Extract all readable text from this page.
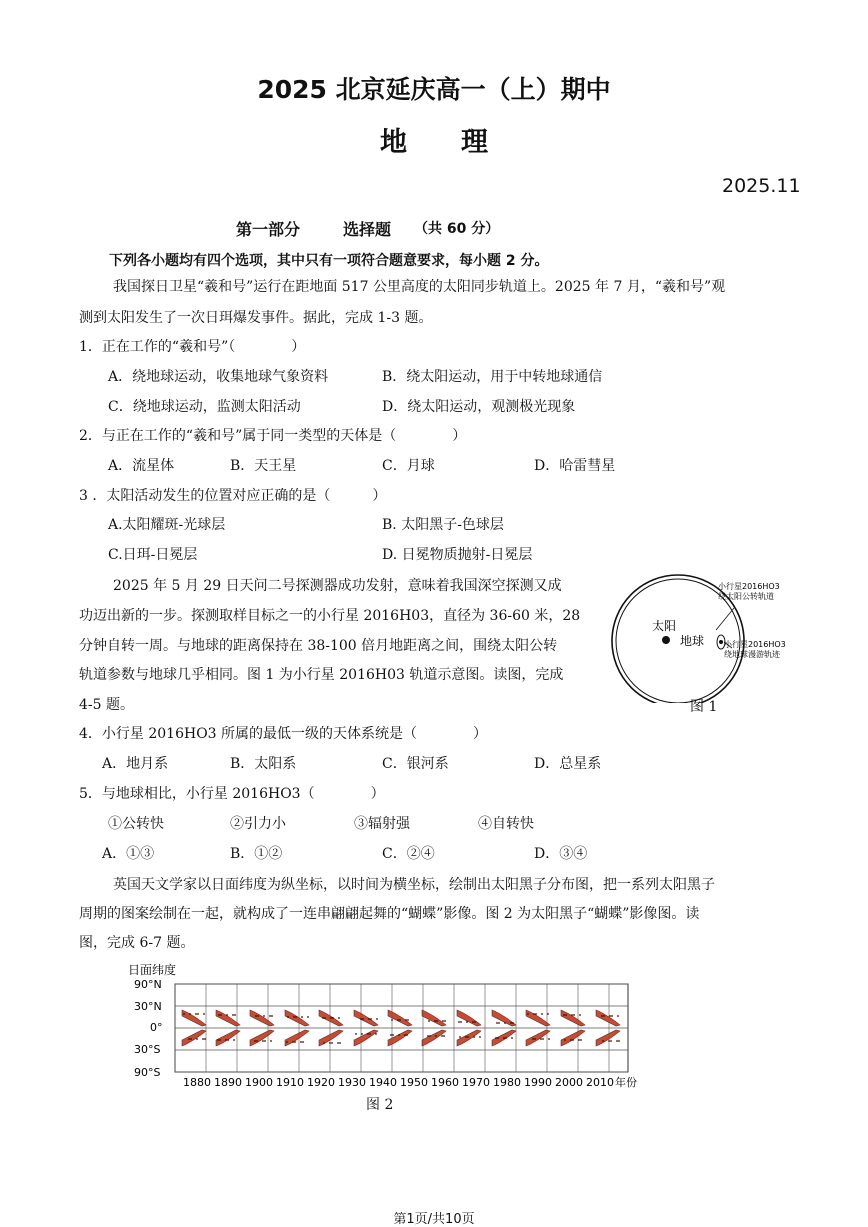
2025 北京延庆高一（上）期中
地　　理
2025.11
第一部分	选择题 （共 60 分）
下列各小题均有四个选项，其中只有一项符合题意要求，每小题 2 分。
我国探日卫星“羲和号”运行在距地面 517 公里高度的太阳同步轨道上。2025 年 7 月，“羲和号”观
测到太阳发生了一次日珥爆发事件。据此，完成 1-3 题。
1．正在工作的“羲和号”（　　　　）
A．绕地球运动，收集地球气象资料	B．绕太阳运动，用于中转地球通信
C．绕地球运动，监测太阳活动	D．绕太阳运动，观测极光现象
2．与正在工作的“羲和号”属于同一类型的天体是（　　　　）
A．流星体	B．天王星	C．月球	D．哈雷彗星
3 ．太阳活动发生的位置对应正确的是（　　　）
A.太阳耀斑-光球层	B. 太阳黑子-色球层
C.日珥-日冕层	D. 日冕物质抛射-日冕层
2025 年 5 月 29 日天问二号探测器成功发射，意味着我国深空探测又成
功迈出新的一步。探测取样目标之一的小行星 2016H03，直径为 36-60 米，28
分钟自转一周。与地球的距离保持在 38-100 倍月地距离之间，围绕太阳公转
轨道参数与地球几乎相同。图 1 为小行星 2016H03 轨道示意图。读图，完成
4-5 题。
太阳
地球
小行星2016HO3
绕太阳公转轨道
小行星2016HO3
绕地球漫游轨迹
图 1
4．小行星 2016HO3 所属的最低一级的天体系统是（　　　　）
A．地月系	B．太阳系	C．银河系	D．总星系
5．与地球相比，小行星 2016HO3（　　　　）
①公转快	②引力小	③辐射强	④自转快
A．①③	B．①②	C．②④	D．③④
英国天文学家以日面纬度为纵坐标，以时间为横坐标，绘制出太阳黑子分布图，把一系列太阳黑子
周期的图案绘制在一起，就构成了一连串翩翩起舞的“蝴蝶”影像。图 2 为太阳黑子“蝴蝶”影像图。读
图，完成 6-7 题。
日面纬度
90°N
30°N
0°
30°S
90°S
1880 1890 1900 1910 1920 1930 1940 1950 1960 1970 1980 1990 2000 2010 年份
图 2
第1页/共10页
